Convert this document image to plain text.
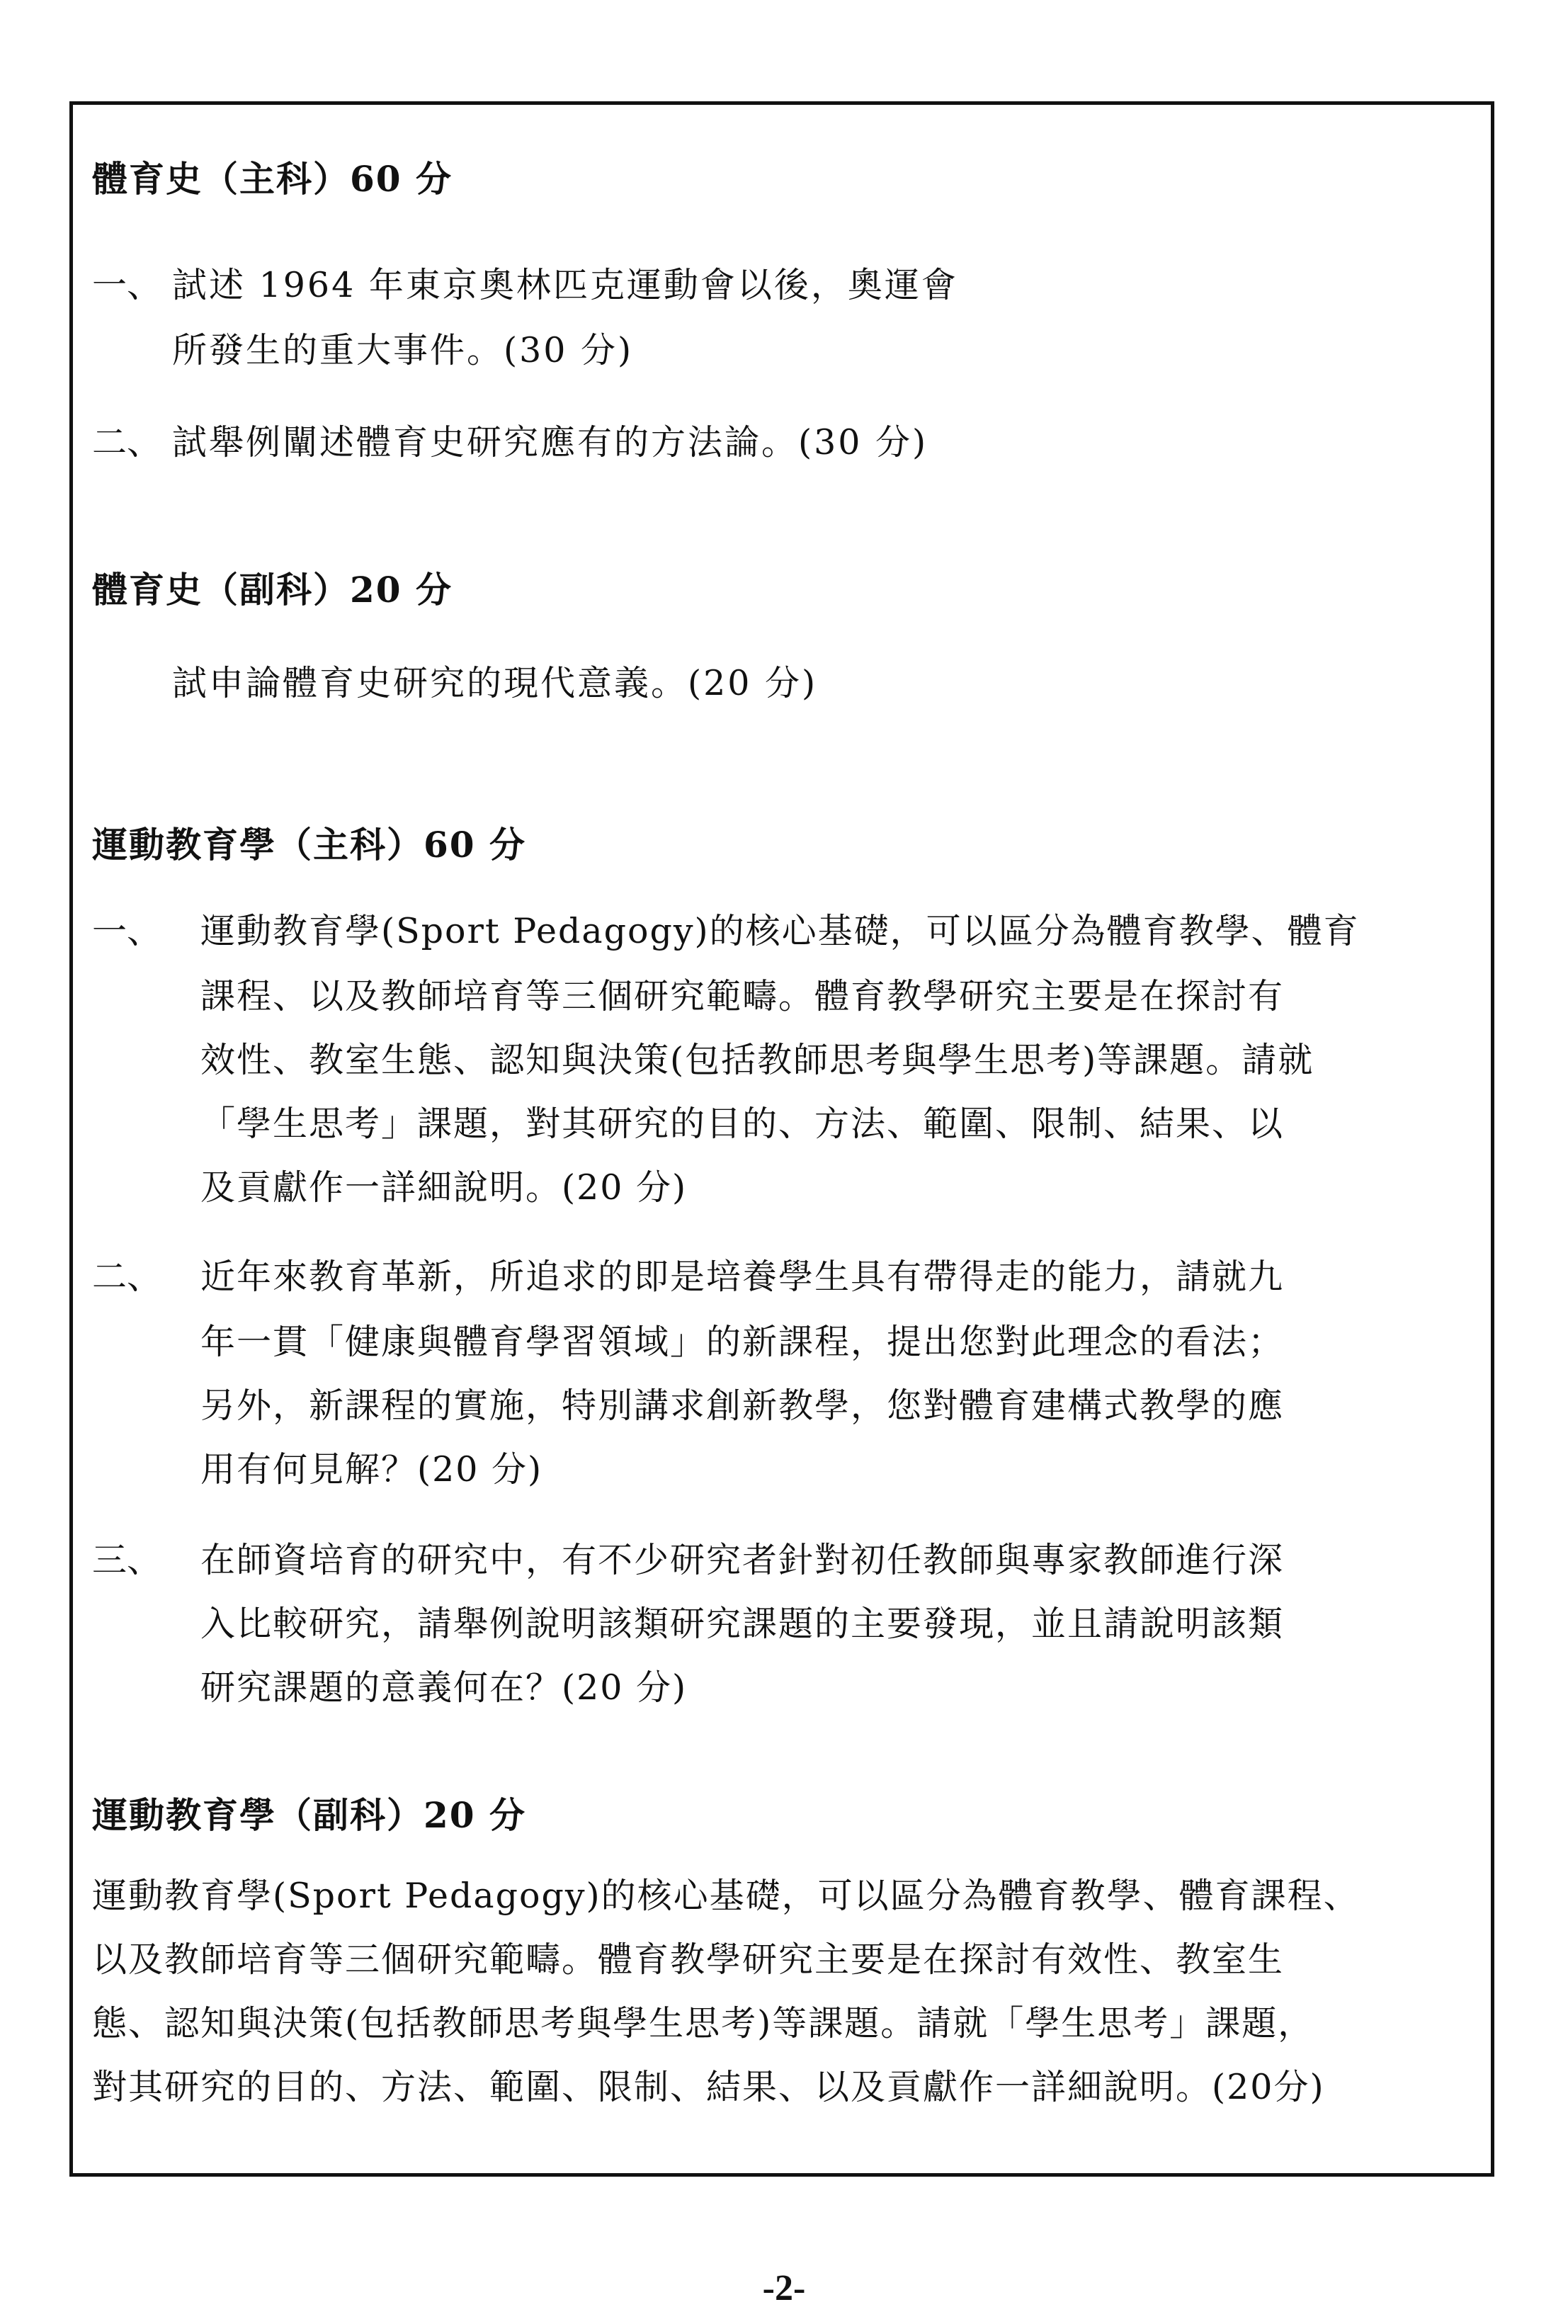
體育史（主科）60 分
一、 試述 1964 年東京奧林匹克運動會以後，奧運會
所發生的重大事件。(30 分)
二、 試舉例闡述體育史研究應有的方法論。(30 分)
體育史（副科）20 分
試申論體育史研究的現代意義。(20 分)
運動教育學（主科）60 分
一、 運動教育學(Sport Pedagogy)的核心基礎，可以區分為體育教學、體育
課程、以及教師培育等三個研究範疇。體育教學研究主要是在探討有
效性、教室生態、認知與決策(包括教師思考與學生思考)等課題。請就
「學生思考」課題，對其研究的目的、方法、範圍、限制、結果、以
及貢獻作一詳細說明。(20 分)
二、 近年來教育革新，所追求的即是培養學生具有帶得走的能力，請就九
年一貫「健康與體育學習領域」的新課程，提出您對此理念的看法；
另外，新課程的實施，特別講求創新教學，您對體育建構式教學的應
用有何見解？(20 分)
三、 在師資培育的研究中，有不少研究者針對初任教師與專家教師進行深
入比較研究，請舉例說明該類研究課題的主要發現，並且請說明該類
研究課題的意義何在？(20 分)
運動教育學（副科）20 分
運動教育學(Sport Pedagogy)的核心基礎，可以區分為體育教學、體育課程、
以及教師培育等三個研究範疇。體育教學研究主要是在探討有效性、教室生
態、認知與決策(包括教師思考與學生思考)等課題。請就「學生思考」課題，
對其研究的目的、方法、範圍、限制、結果、以及貢獻作一詳細說明。(20分)
-2-
